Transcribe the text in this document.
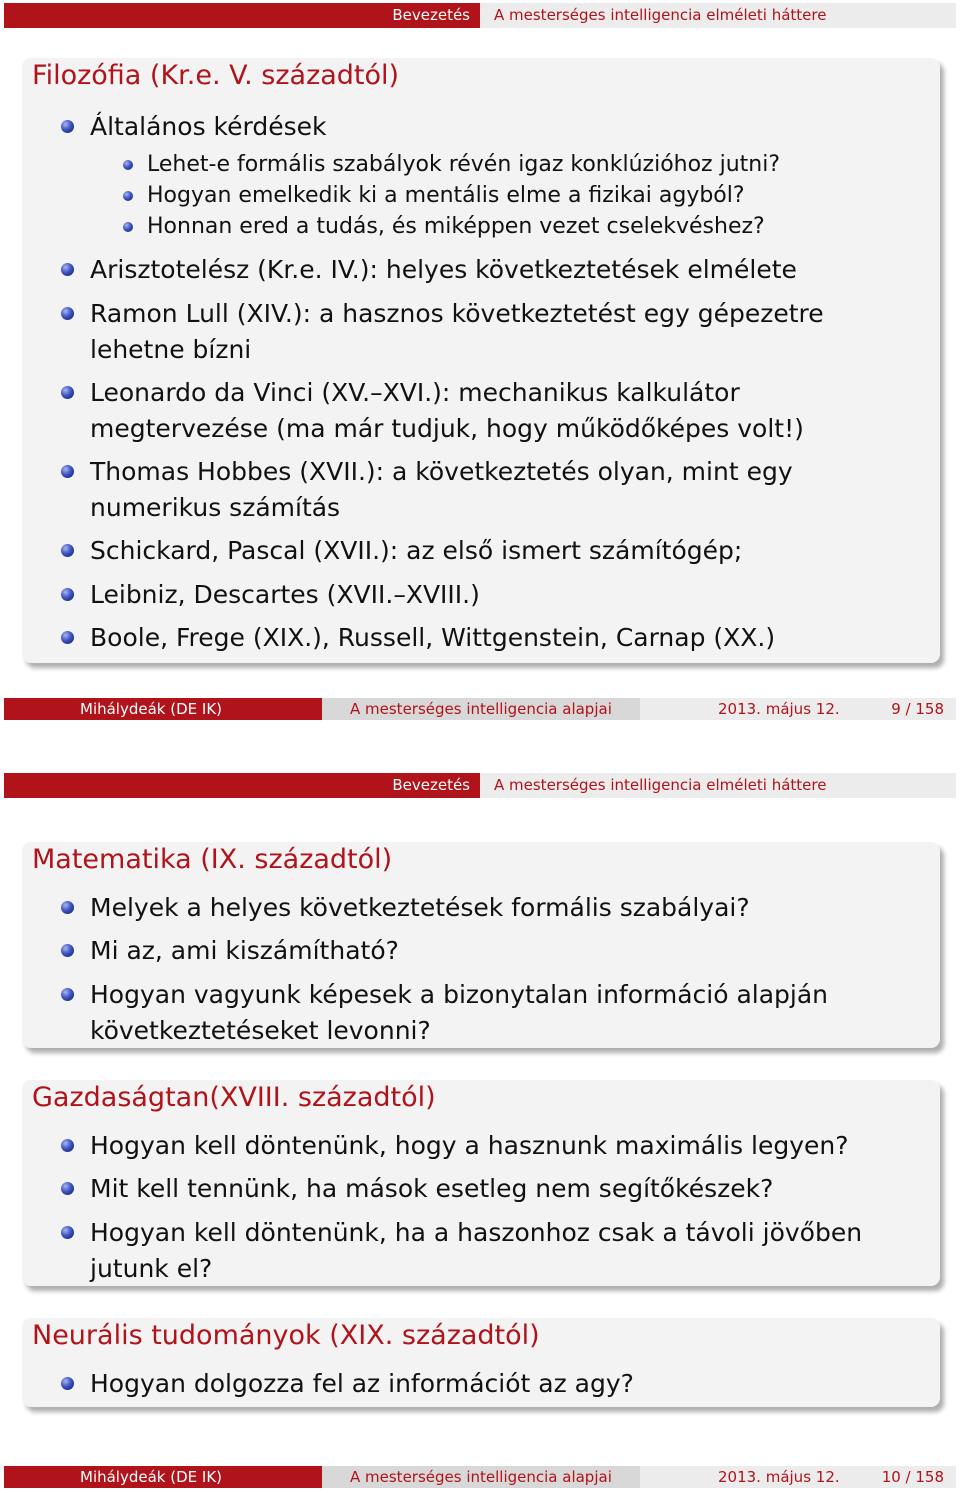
Bevezetés	A mesterséges intelligencia elméleti háttere
Filozófia (Kr.e. V. századtól)
Általános kérdések
Lehet-e formális szabályok révén igaz konklúzióhoz jutni?
Hogyan emelkedik ki a mentális elme a fizikai agyból?
Honnan ered a tudás, és miképpen vezet cselekvéshez?
Arisztotelész (Kr.e. IV.): helyes következtetések elmélete
Ramon Lull (XIV.): a hasznos következtetést egy gépezetre lehetne bízni
Leonardo da Vinci (XV.–XVI.): mechanikus kalkulátor megtervezése (ma már tudjuk, hogy működőképes volt!)
Thomas Hobbes (XVII.): a következtetés olyan, mint egy numerikus számítás
Schickard, Pascal (XVII.): az első ismert számítógép;
Leibniz, Descartes (XVII.–XVIII.)
Boole, Frege (XIX.), Russell, Wittgenstein, Carnap (XX.)
Mihálydeák (DE IK)	A mesterséges intelligencia alapjai	2013. május 12.	9 / 158
Bevezetés	A mesterséges intelligencia elméleti háttere
Matematika (IX. századtól)
Melyek a helyes következtetések formális szabályai?
Mi az, ami kiszámítható?
Hogyan vagyunk képesek a bizonytalan információ alapján következtetéseket levonni?
Gazdaságtan(XVIII. századtól)
Hogyan kell döntenünk, hogy a hasznunk maximális legyen?
Mit kell tennünk, ha mások esetleg nem segítőkészek?
Hogyan kell döntenünk, ha a haszonhoz csak a távoli jövőben jutunk el?
Neurális tudományok (XIX. századtól)
Hogyan dolgozza fel az információt az agy?
Mihálydeák (DE IK)	A mesterséges intelligencia alapjai	2013. május 12.	10 / 158
